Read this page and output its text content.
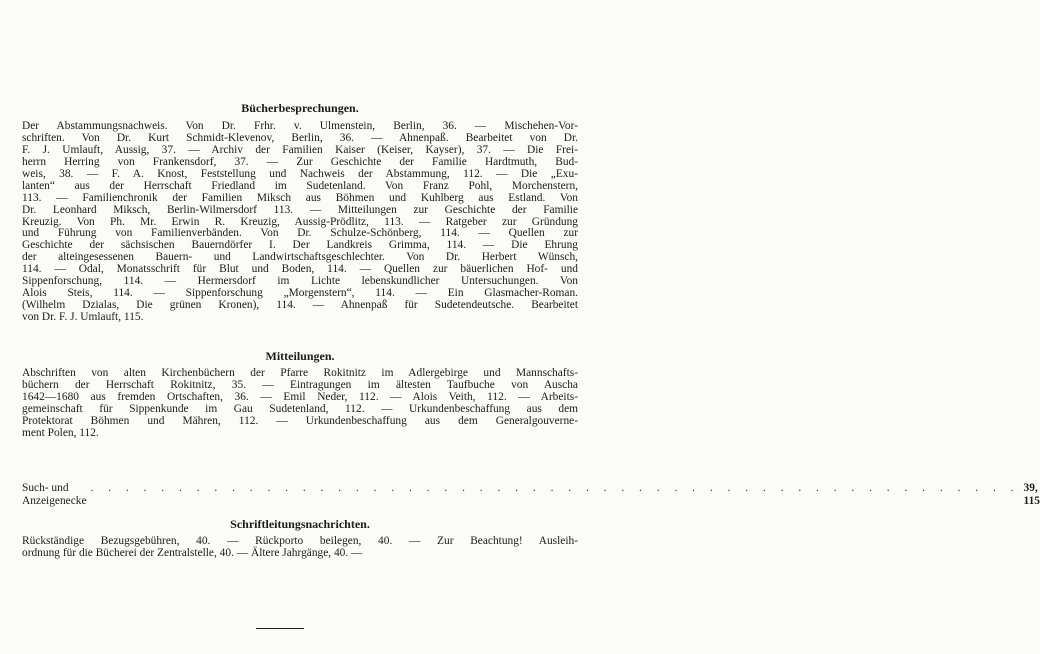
Bücherbesprechungen.
Der Abstammungsnachweis. Von Dr. Frhr. v. Ulmenstein, Berlin, 36. — Mischehen-Vor-
schriften. Von Dr. Kurt Schmidt-Klevenov, Berlin, 36. — Ahnenpaß. Bearbeitet von Dr.
F. J. Umlauft, Aussig, 37. — Archiv der Familien Kaiser (Keiser, Kayser), 37. — Die Frei-
herrn Herring von Frankensdorf, 37. — Zur Geschichte der Familie Hardtmuth, Bud-
weis, 38. — F. A. Knost, Feststellung und Nachweis der Abstammung, 112. — Die „Exu-
lanten“ aus der Herrschaft Friedland im Sudetenland. Von Franz Pohl, Morchenstern,
113. — Familienchronik der Familien Miksch aus Böhmen und Kuhlberg aus Estland. Von
Dr. Leonhard Miksch, Berlin-Wilmersdorf 113. — Mitteilungen zur Geschichte der Familie
Kreuzig. Von Ph. Mr. Erwin R. Kreuzig, Aussig-Prödlitz, 113. — Ratgeber zur Gründung
und Führung von Familienverbänden. Von Dr. Schulze-Schönberg, 114. — Quellen zur
Geschichte der sächsischen Bauerndörfer I. Der Landkreis Grimma, 114. — Die Ehrung
der alteingesessenen Bauern- und Landwirtschaftsgeschlechter. Von Dr. Herbert Wünsch,
114. — Odal, Monatsschrift für Blut und Boden, 114. — Quellen zur bäuerlichen Hof- und
Sippenforschung, 114. — Hermersdorf im Lichte lebenskundlicher Untersuchungen. Von
Alois Steis, 114. — Sippenforschung „Morgenstern“, 114. — Ein Glasmacher-Roman.
(Wilhelm Dzialas, Die grünen Kronen), 114. — Ahnenpaß für Sudetendeutsche. Bearbeitet
von Dr. F. J. Umlauft, 115.
Mitteilungen.
Abschriften von alten Kirchenbüchern der Pfarre Rokitnitz im Adlergebirge und Mannschafts-
büchern der Herrschaft Rokitnitz, 35. — Eintragungen im ältesten Taufbuche von Auscha
1642—1680 aus fremden Ortschaften, 36. — Emil Neder, 112. — Alois Veith, 112. — Arbeits-
gemeinschaft für Sippenkunde im Gau Sudetenland, 112. — Urkundenbeschaffung aus dem
Protektorat Böhmen und Mähren, 112. — Urkundenbeschaffung aus dem Generalgouverne-
ment Polen, 112.
Such- und Anzeigenecke
. . . . . . . . . . . . . . . . . . . . . . . . . . . . . . . . . . . . . . . . . . . . . . . . . . . . . 39, 115
Schriftleitungsnachrichten.
Rückständige Bezugsgebühren, 40. — Rückporto beilegen, 40. — Zur Beachtung! Ausleih-
ordnung für die Bücherei der Zentralstelle, 40. — Ältere Jahrgänge, 40. —
